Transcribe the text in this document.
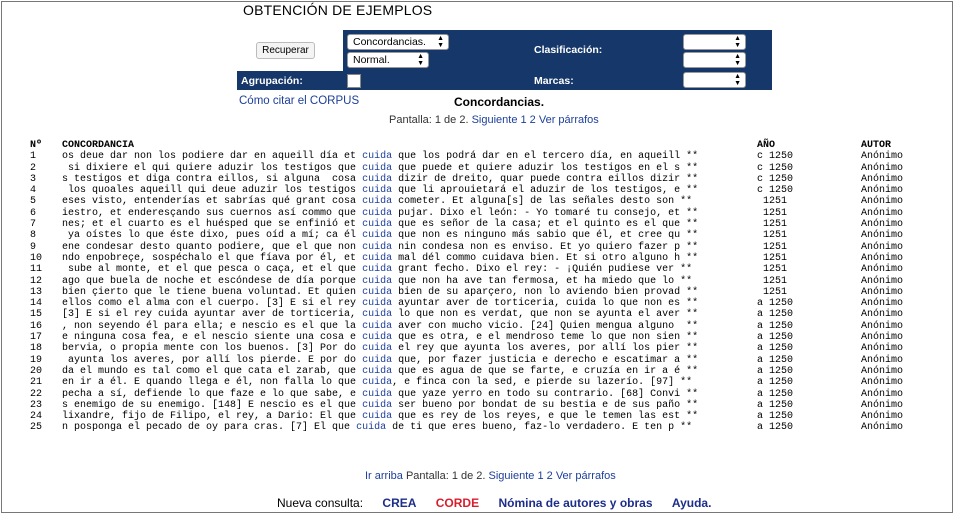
OBTENCIÓN DE EJEMPLOS
Recuperar
Concordancias. ▲
▼
Normal.	▲
▼
Clasificación:
▲
▼
▲
▼
Agrupación:	Marcas:	▲
▼
Cómo citar el CORPUS	Concordancias.
Pantalla: 1 de 2. Siguiente 1 2 Ver párrafos
Nº	CONCORDANCIA	AÑO	AUTOR
1	os deue dar non los podiere dar en aqueill día et cuida que los podrá dar en el tercero día, en aqueill **	c 1250	Anónimo
2	si dixiere el qui quiere aduzir los testigos que cuida que puede et quiere aduzir los testigos en el s **	c 1250	Anónimo
3	s testigos et diga contra eillos, si alguna  cosa cuida dizir de dreito, quar puede contra eillos dizir **	c 1250	Anónimo
4	los quoales aqueill qui deue aduzir los testigos cuida que li aprouietará el aduzir de los testigos, e **	c 1250	Anónimo
5	eses visto, entenderías et sabrías qué grant cosa cuida cometer. Et alguna[s] de las señales desto son **	1251	Anónimo
6	iestro, et enderesçando sus cuernos así commo que cuida pujar. Dixo el león: - Yo tomaré tu consejo, et **	1251	Anónimo
7	nes; et el cuarto es el huésped que se enfinió et cuida que es señor de la casa; et el quinto es el que **	1251	Anónimo
8	ya oístes lo que éste dixo, pues oíd a mí; ca él cuida que non es ninguno más sabio que él, et cree qu **	1251	Anónimo
9	ene condesar desto quanto podiere, que el que non cuida nin condesa non es enviso. Et yo quiero fazer p **	1251	Anónimo
10	ndo enpobreçe, sospéchalo el que fíava por él, et cuida mal dél commo cuidava bien. Et si otro alguno h **	1251	Anónimo
11	sube al monte, et el que pesca o caça, et el que cuida grant fecho. Dixo el rey: - ¡Quién pudiese ver **	1251	Anónimo
12	ago que buela de noche et escóndese de día porque cuida que non ha ave tan fermosa, et ha miedo que lo **	1251	Anónimo
13	bien çierto que le tiene buena voluntad. Et quien cuida bien de su aparçero, non lo aviendo bien provad **	1251	Anónimo
14	ellos como el alma con el cuerpo. [3] E si el rey cuida ayuntar aver de torticeria, cuida lo que non es **	a 1250	Anónimo
15	[3] E si el rey cuida ayuntar aver de torticeria, cuida lo que non es verdat, que non se ayunta el aver **	a 1250	Anónimo
16	, non seyendo él para ella; e nescio es el que la cuida aver con mucho vicio. [24] Quien mengua alguno  **	a 1250	Anónimo
17	e ninguna cosa fea, e el nescio siente una cosa e cuida que es otra, e el mendroso teme lo que non sien **	a 1250	Anónimo
18	bervia, o propia mente con los buenos. [3] Por do cuida el rey que ayunta los averes, por allí los pier **	a 1250	Anónimo
19	ayunta los averes, por allí los pierde. E por do cuida que, por fazer justicia e derecho e escatimar a **	a 1250	Anónimo
20	da el mundo es tal como el que cata el zarab, que cuida que es agua de que se farte, e cruzía en ir a é **	a 1250	Anónimo
21	en ir a él. E quando llega e él, non falla lo que cuida, e finca con la sed, e pierde su lazerío. [97] **	a 1250	Anónimo
22	pecha a sí, defiende lo que faze e lo que sabe, e cuida que yaze yerro en todo su contrario. [68] Convi **	a 1250	Anónimo
23	s enemigo de su enemigo. [148] E nescio es el que cuida ser bueno por bondat de su bestia e de sus paño **	a 1250	Anónimo
24	lixandre, fijo de Filipo, el rey, a Dario: El que cuida que es rey de los reyes, e que le temen las est **	a 1250	Anónimo
25	n posponga el pecado de oy para cras. [7] El que cuida de ti que eres bueno, faz-lo verdadero. E ten p **	a 1250	Anónimo
Ir arriba Pantalla: 1 de 2. Siguiente 1 2 Ver párrafos
Nueva consulta: CREA CORDE Nómina de autores y obras Ayuda.
